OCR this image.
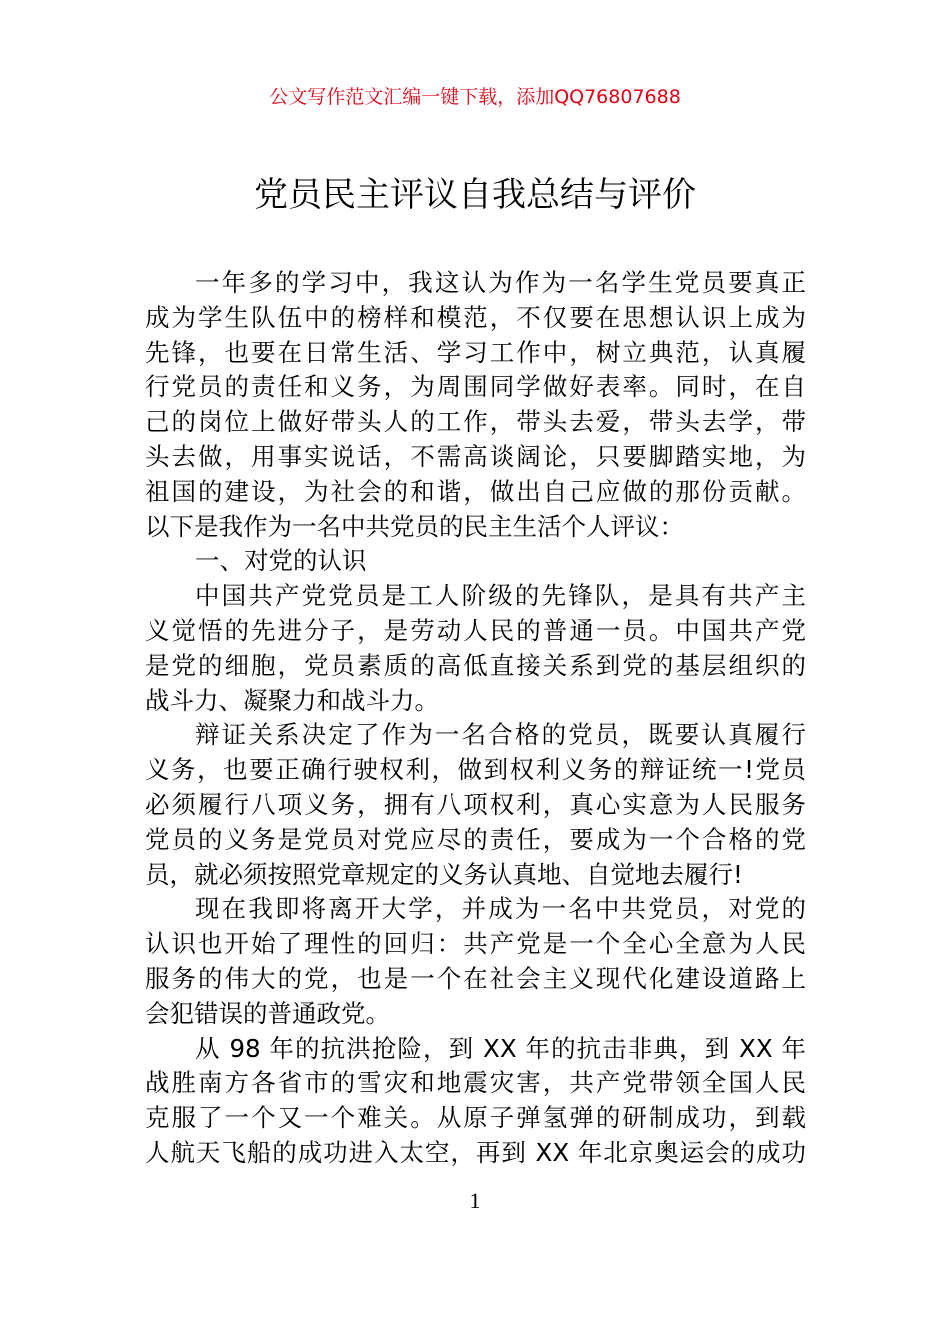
公文写作范文汇编一键下载，添加QQ76807688
党员民主评议自我总结与评价
一年多的学习中，我这认为作为一名学生党员要真正
成为学生队伍中的榜样和模范，不仅要在思想认识上成为
先锋，也要在日常生活、学习工作中，树立典范，认真履
行党员的责任和义务，为周围同学做好表率。同时，在自
己的岗位上做好带头人的工作，带头去爱，带头去学，带
头去做，用事实说话，不需高谈阔论，只要脚踏实地，为
祖国的建设，为社会的和谐，做出自己应做的那份贡献。
以下是我作为一名中共党员的民主生活个人评议：
一、对党的认识
中国共产党党员是工人阶级的先锋队，是具有共产主
义觉悟的先进分子，是劳动人民的普通一员。中国共产党
是党的细胞，党员素质的高低直接关系到党的基层组织的
战斗力、凝聚力和战斗力。
辩证关系决定了作为一名合格的党员，既要认真履行
义务，也要正确行驶权利，做到权利义务的辩证统一!党员
必须履行八项义务，拥有八项权利，真心实意为人民服务
党员的义务是党员对党应尽的责任，要成为一个合格的党
员，就必须按照党章规定的义务认真地、自觉地去履行!
现在我即将离开大学，并成为一名中共党员，对党的
认识也开始了理性的回归：共产党是一个全心全意为人民
服务的伟大的党，也是一个在社会主义现代化建设道路上
会犯错误的普通政党。
从 98 年的抗洪抢险，到 XX 年的抗击非典，到 XX 年
战胜南方各省市的雪灾和地震灾害，共产党带领全国人民
克服了一个又一个难关。从原子弹氢弹的研制成功，到载
人航天飞船的成功进入太空，再到 XX 年北京奥运会的成功
1
